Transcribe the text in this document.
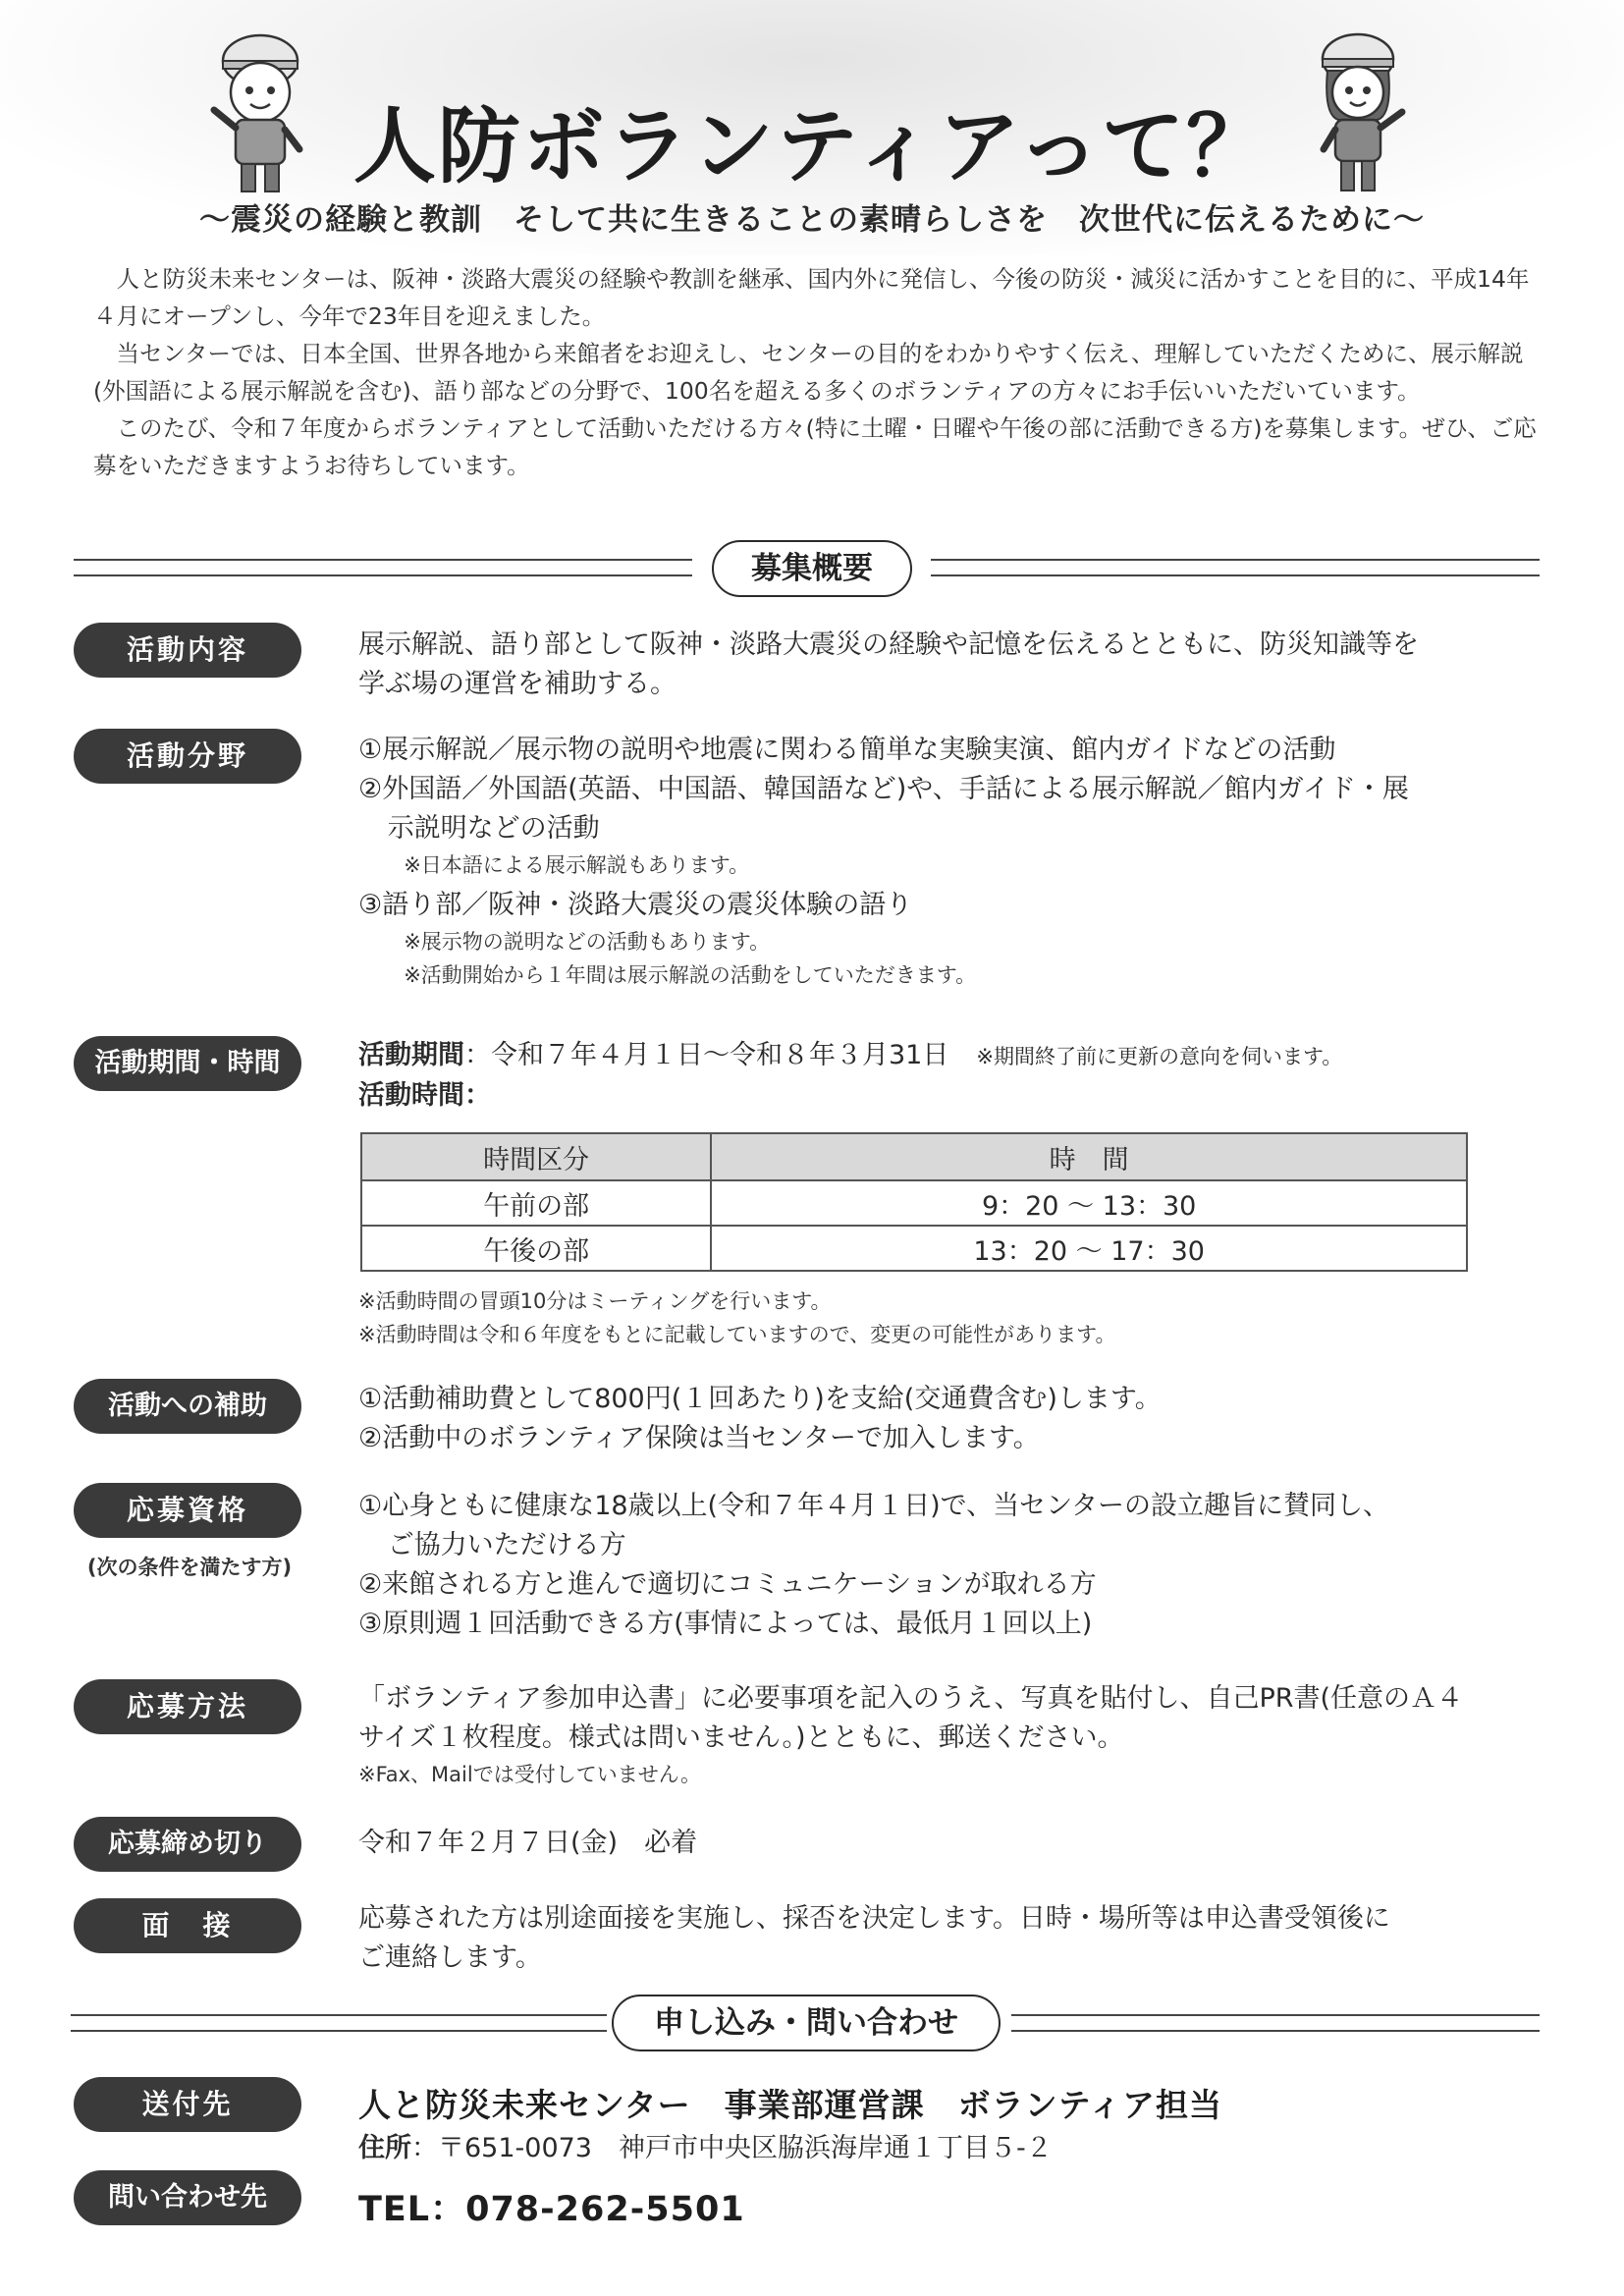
人防ボランティアって？
～震災の経験と教訓　そして共に生きることの素晴らしさを　次世代に伝えるために～

人と防災未来センターは、阪神・淡路大震災の経験や教訓を継承、国内外に発信し、今後の防災・減災に活かすことを目的に、平成14年４月にオープンし、今年で23年目を迎えました。

当センターでは、日本全国、世界各地から来館者をお迎えし、センターの目的をわかりやすく伝え、理解していただくために、展示解説(外国語による展示解説を含む)、語り部などの分野で、100名を超える多くのボランティアの方々にお手伝いいただいています。

このたび、令和７年度からボランティアとして活動いただける方々(特に土曜・日曜や午後の部に活動できる方)を募集します。ぜひ、ご応募をいただきますようお待ちしています。

募集概要
活動内容	展示解説、語り部として阪神・淡路大震災の経験や記憶を伝えるとともに、防災知識等を

学ぶ場の運営を補助する。

活動分野	①展示解説／展示物の説明や地震に関わる簡単な実験実演、館内ガイドなどの活動

②外国語／外国語(英語、中国語、韓国語など)や、手話による展示解説／館内ガイド・展

示説明などの活動

※日本語による展示解説もあります。

③語り部／阪神・淡路大震災の震災体験の語り

※展示物の説明などの活動もあります。

※活動開始から１年間は展示解説の活動をしていただきます。

活動期間・時間	活動期間：令和７年４月１日～令和８年３月31日 ※期間終了前に更新の意向を伺います。

活動時間：

時間区分	時　間
午前の部	9：20 ～ 13：30
午後の部	13：20 ～ 17：30

※活動時間の冒頭10分はミーティングを行います。

※活動時間は令和６年度をもとに記載していますので、変更の可能性があります。

活動への補助	①活動補助費として800円(１回あたり)を支給(交通費含む)します。

②活動中のボランティア保険は当センターで加入します。

応募資格
(次の条件を満たす方)

①心身ともに健康な18歳以上(令和７年４月１日)で、当センターの設立趣旨に賛同し、

ご協力いただける方

②来館される方と進んで適切にコミュニケーションが取れる方

③原則週１回活動できる方(事情によっては、最低月１回以上)

応募方法	「ボランティア参加申込書」に必要事項を記入のうえ、写真を貼付し、自己PR書(任意のＡ４

サイズ１枚程度。様式は問いません。)とともに、郵送ください。

※Fax、Mailでは受付していません。

応募締め切り	令和７年２月７日(金)　必着

面　接	応募された方は別途面接を実施し、採否を決定します。日時・場所等は申込書受領後に

ご連絡します。

申し込み・問い合わせ
送付先	人と防災未来センター　事業部運営課　ボランティア担当
住所：〒651-0073　神戸市中央区脇浜海岸通１丁目５-２
問い合わせ先	TEL：078-262-5501
